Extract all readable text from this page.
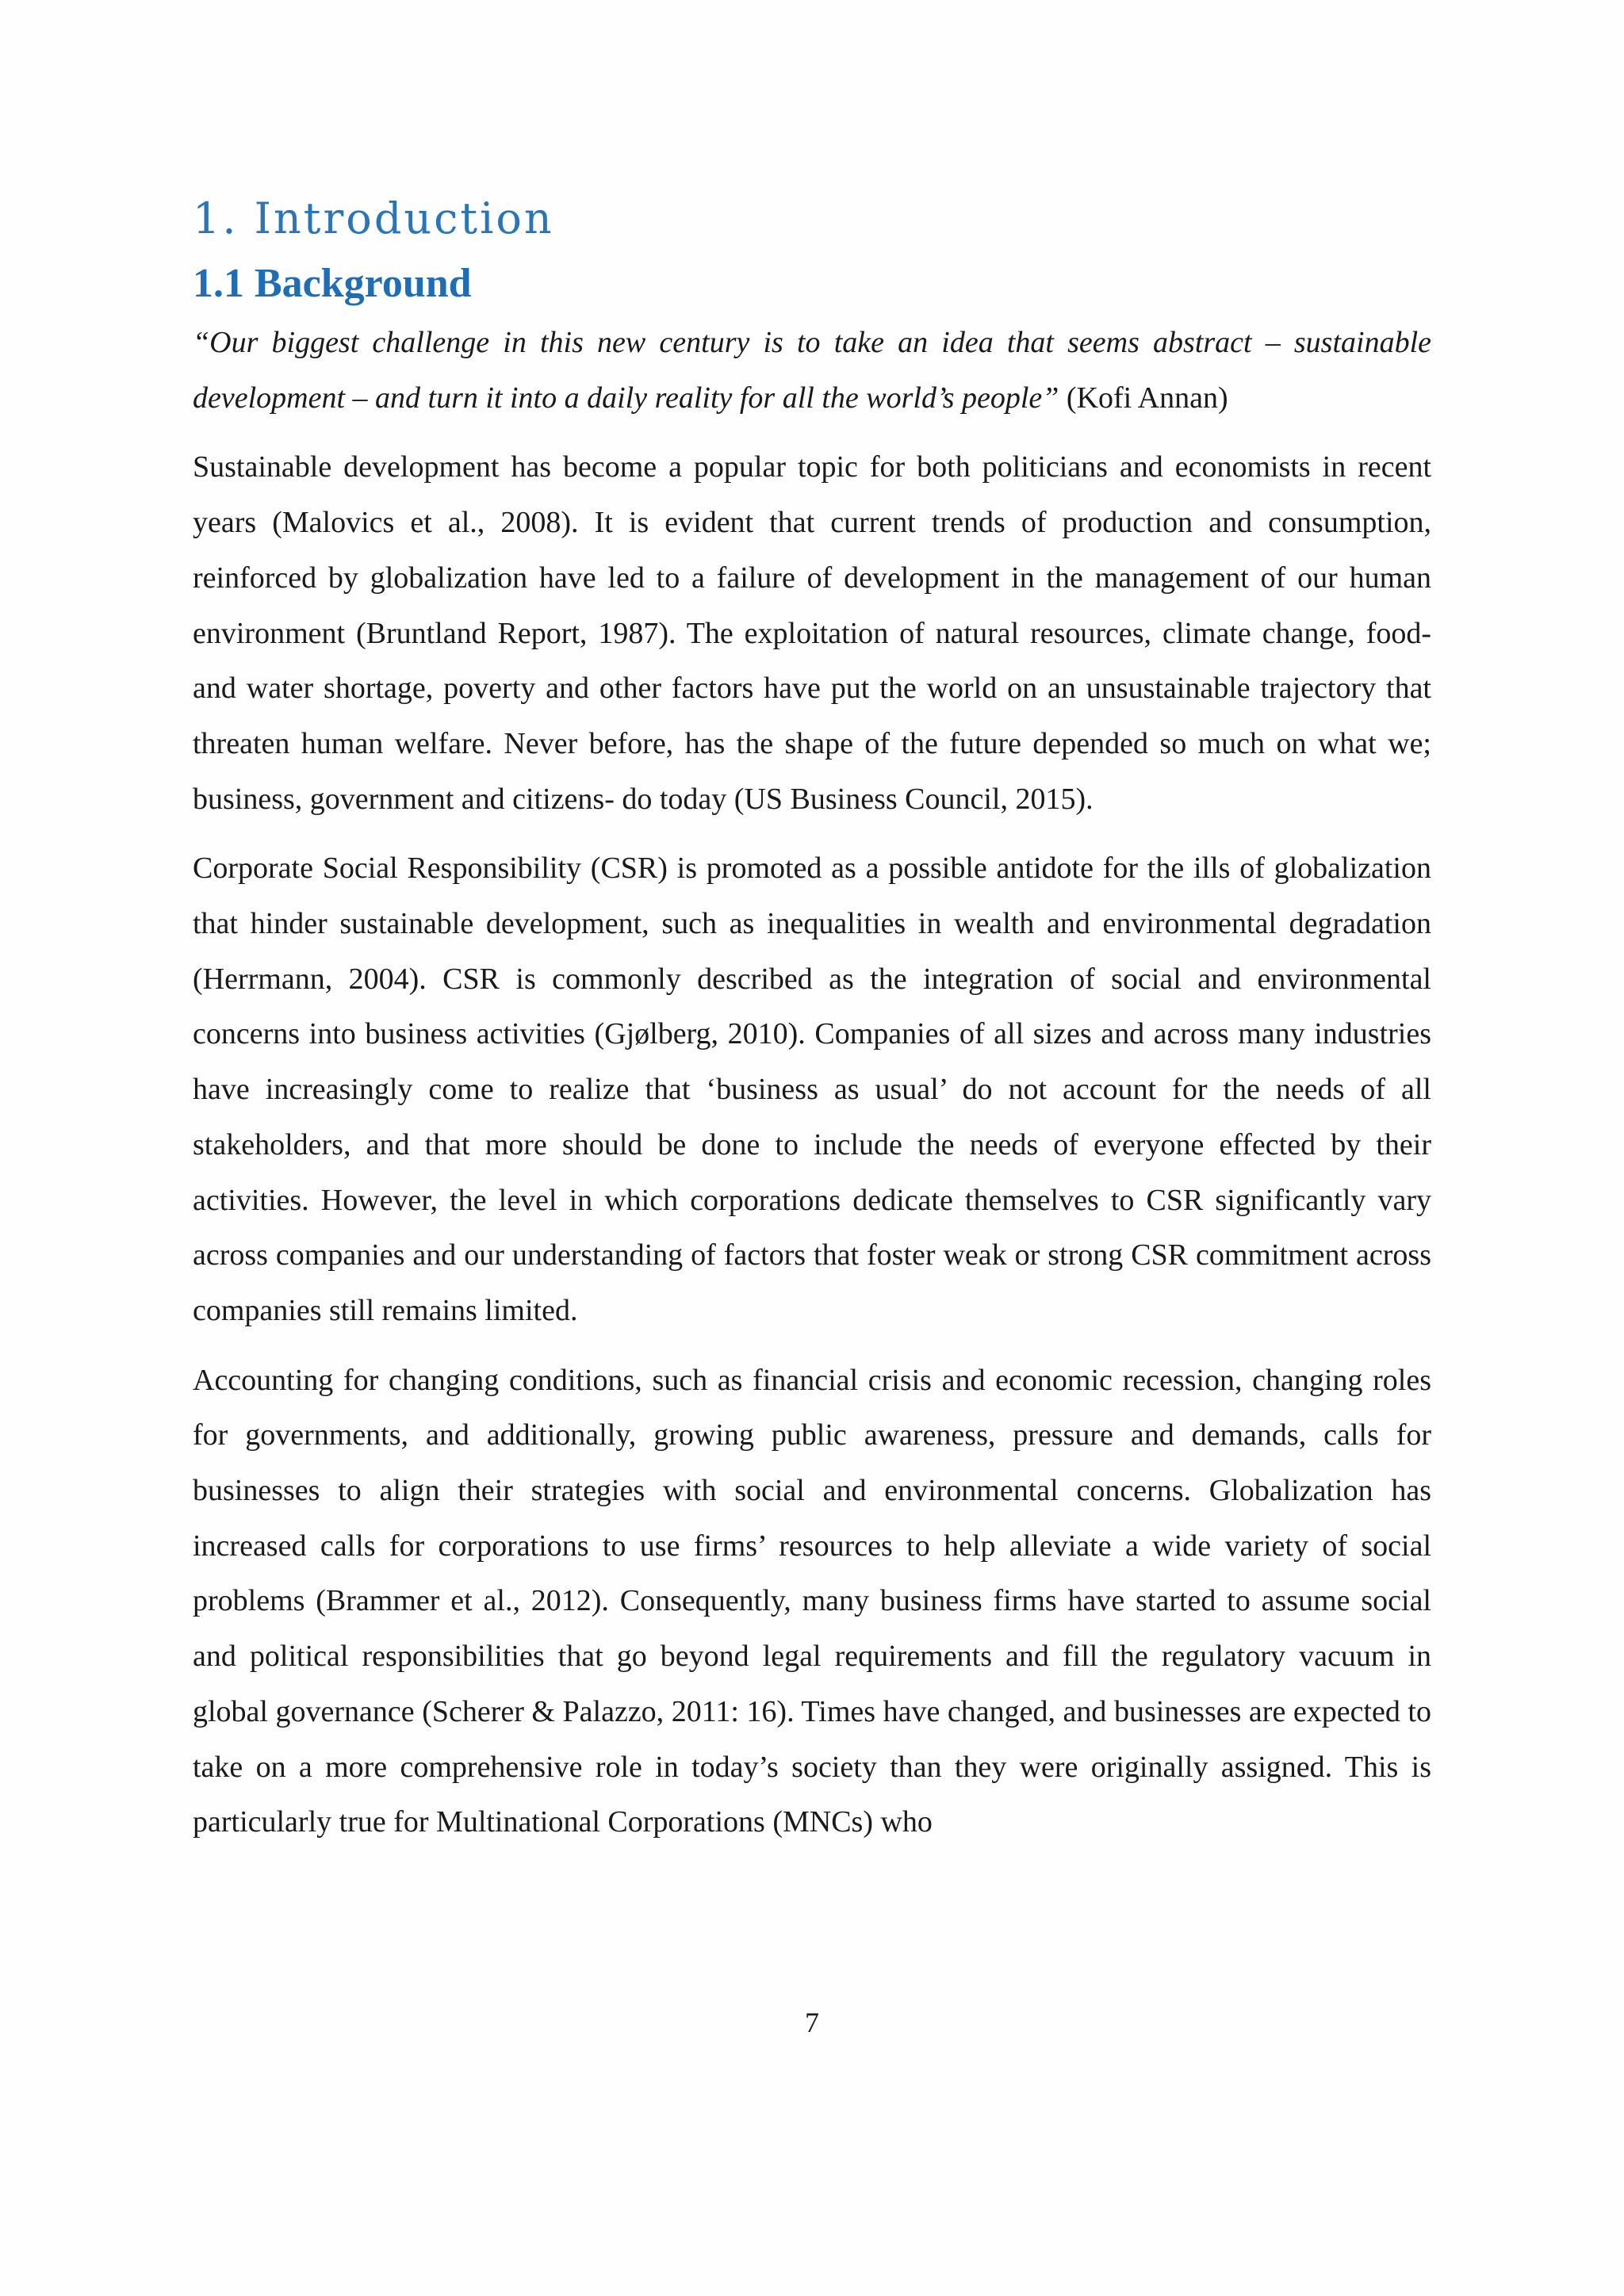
1. Introduction
1.1 Background

“Our biggest challenge in this new century is to take an idea that seems abstract – sustainable development – and turn it into a daily reality for all the world’s people” (Kofi Annan)

Sustainable development has become a popular topic for both politicians and economists in recent years (Malovics et al., 2008). It is evident that current trends of production and consumption, reinforced by globalization have led to a failure of development in the management of our human environment (Bruntland Report, 1987). The exploitation of natural resources, climate change, food- and water shortage, poverty and other factors have put the world on an unsustainable trajectory that threaten human welfare. Never before, has the shape of the future depended so much on what we; business, government and citizens- do today (US Business Council, 2015).

Corporate Social Responsibility (CSR) is promoted as a possible antidote for the ills of globalization that hinder sustainable development, such as inequalities in wealth and environmental degradation (Herrmann, 2004). CSR is commonly described as the integration of social and environmental concerns into business activities (Gjølberg, 2010). Companies of all sizes and across many industries have increasingly come to realize that ‘business as usual’ do not account for the needs of all stakeholders, and that more should be done to include the needs of everyone effected by their activities. However, the level in which corporations dedicate themselves to CSR significantly vary across companies and our understanding of factors that foster weak or strong CSR commitment across companies still remains limited.

Accounting for changing conditions, such as financial crisis and economic recession, changing roles for governments, and additionally, growing public awareness, pressure and demands, calls for businesses to align their strategies with social and environmental concerns. Globalization has increased calls for corporations to use firms’ resources to help alleviate a wide variety of social problems (Brammer et al., 2012). Consequently, many business firms have started to assume social and political responsibilities that go beyond legal requirements and fill the regulatory vacuum in global governance (Scherer & Palazzo, 2011: 16). Times have changed, and businesses are expected to take on a more comprehensive role in today’s society than they were originally assigned. This is particularly true for Multinational Corporations (MNCs) who

7
